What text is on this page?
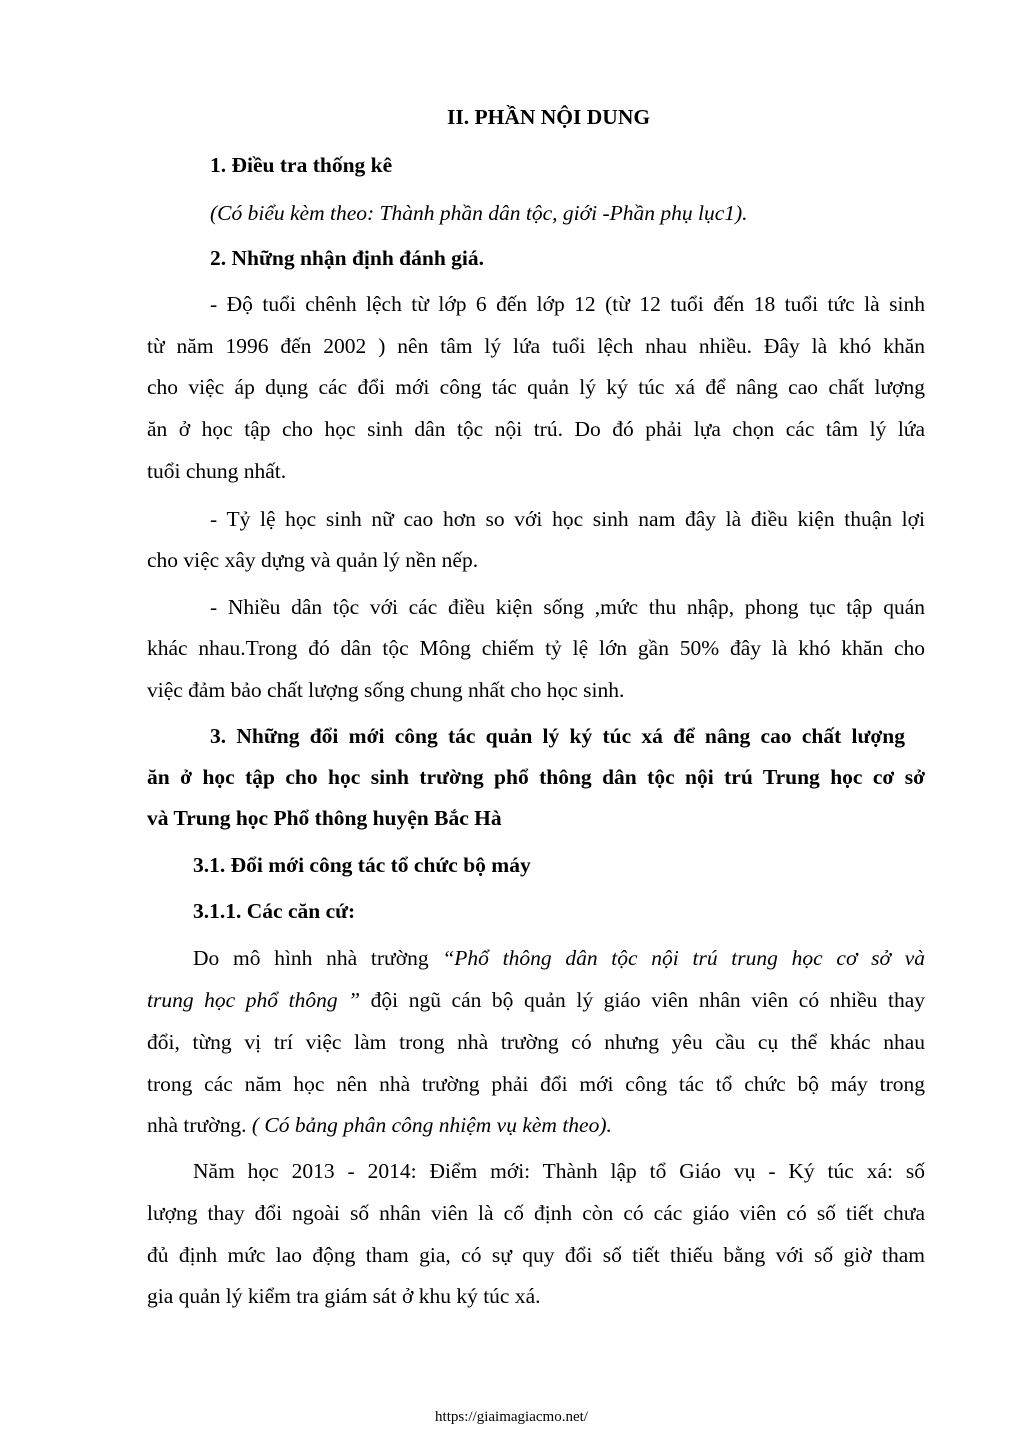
II. PHẦN NỘI DUNG
1. Điều tra thống kê
(Có biểu kèm theo: Thành phần dân tộc, giới -Phần phụ lục1).
2. Những nhận định đánh giá.
- Độ tuổi chênh lệch từ lớp 6 đến lớp 12 (từ 12 tuổi đến 18 tuổi tức là sinh
từ năm 1996 đến 2002 ) nên tâm lý lứa tuổi lệch nhau nhiều. Đây là khó khăn
cho việc áp dụng các đổi mới công tác quản lý ký túc xá để nâng cao chất lượng
ăn ở học tập cho học sinh dân tộc nội trú. Do đó phải lựa chọn các tâm lý lứa
tuổi chung nhất.
- Tỷ lệ học sinh nữ cao hơn so với học sinh nam đây là điều kiện thuận lợi
cho việc xây dựng và quản lý nền nếp.
- Nhiều dân tộc với các điều kiện sống ,mức thu nhập, phong tục tập quán
khác nhau.Trong đó dân tộc Mông chiếm tỷ lệ lớn gần 50% đây là khó khăn cho
việc đảm bảo chất lượng sống chung nhất cho học sinh.
3. Những đổi mới công tác quản lý ký túc xá để nâng cao chất lượng
ăn ở học tập cho học sinh trường phổ thông dân tộc nội trú Trung học cơ sở
và Trung học Phổ thông huyện Bắc Hà
3.1. Đổi mới công tác tổ chức bộ máy
3.1.1. Các căn cứ:
Do mô hình nhà trường “Phổ thông dân tộc nội trú trung học cơ sở và
trung học phổ thông ” đội ngũ cán bộ quản lý giáo viên nhân viên có nhiều thay
đổi, từng vị trí việc làm trong nhà trường có nhưng yêu cầu cụ thể khác nhau
trong các năm học nên nhà trường phải đổi mới công tác tổ chức bộ máy trong
nhà trường. ( Có bảng phân công nhiệm vụ kèm theo).
Năm học 2013 - 2014: Điểm mới: Thành lập tổ Giáo vụ - Ký túc xá: số
lượng thay đổi ngoài số nhân viên là cố định còn có các giáo viên có số tiết chưa
đủ định mức lao động tham gia, có sự quy đổi số tiết thiếu bằng với số giờ tham
gia quản lý kiểm tra giám sát ở khu ký túc xá.
https://giaimagiacmo.net/
